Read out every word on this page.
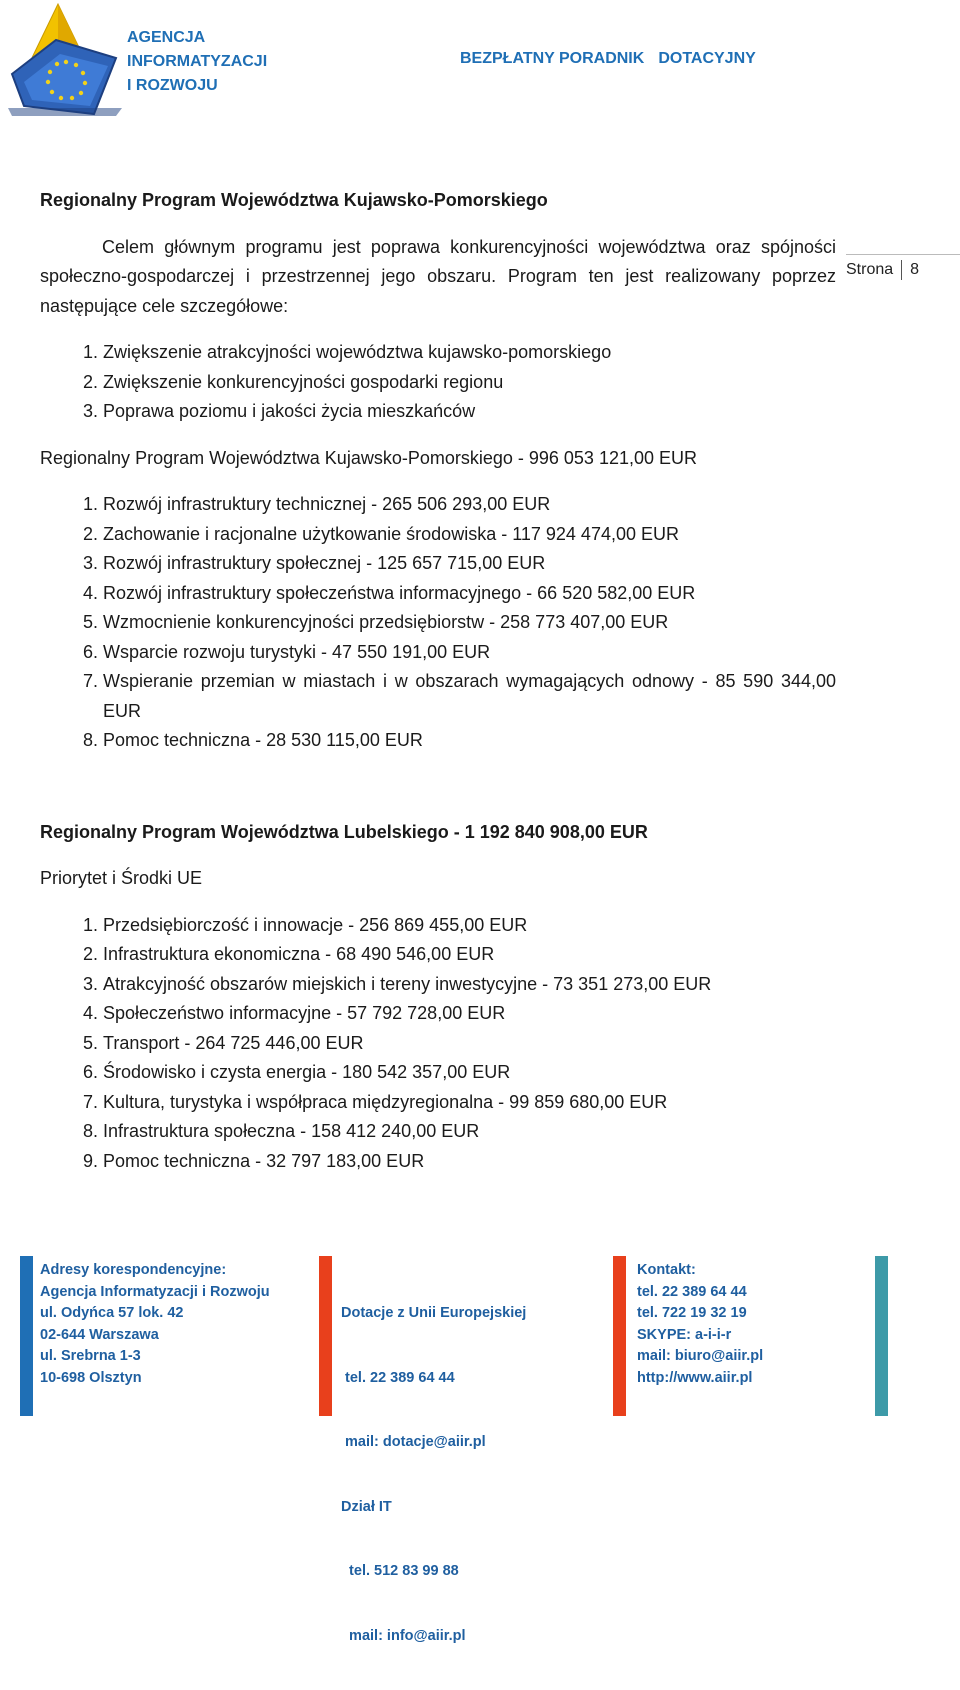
AGENCJA
INFORMATYZACJI
I ROZWOJU
BEZPŁATNY PORADNIK DOTACYJNY
Strona 8
Regionalny Program Województwa Kujawsko-Pomorskiego

Celem głównym programu jest poprawa konkurencyjności województwa oraz spójności społeczno-gospodarczej i przestrzennej jego obszaru. Program ten jest realizowany poprzez następujące cele szczegółowe:

1. Zwiększenie atrakcyjności województwa kujawsko-pomorskiego
2. Zwiększenie konkurencyjności gospodarki regionu
3. Poprawa poziomu i jakości życia mieszkańców
Regionalny Program Województwa Kujawsko-Pomorskiego - 996 053 121,00 EUR
1. Rozwój infrastruktury technicznej - 265 506 293,00 EUR
2. Zachowanie i racjonalne użytkowanie środowiska - 117 924 474,00 EUR
3. Rozwój infrastruktury społecznej - 125 657 715,00 EUR
4. Rozwój infrastruktury społeczeństwa informacyjnego - 66 520 582,00 EUR
5. Wzmocnienie konkurencyjności przedsiębiorstw - 258 773 407,00 EUR
6. Wsparcie rozwoju turystyki - 47 550 191,00 EUR
7. Wspieranie przemian w miastach i w obszarach wymagających odnowy - 85 590 344,00 EUR
8. Pomoc techniczna - 28 530 115,00 EUR
Regionalny Program Województwa Lubelskiego - 1 192 840 908,00 EUR
Priorytet i Środki UE
1. Przedsiębiorczość i innowacje - 256 869 455,00 EUR
2. Infrastruktura ekonomiczna - 68 490 546,00 EUR
3. Atrakcyjność obszarów miejskich i tereny inwestycyjne - 73 351 273,00 EUR
4. Społeczeństwo informacyjne - 57 792 728,00 EUR
5. Transport - 264 725 446,00 EUR
6. Środowisko i czysta energia - 180 542 357,00 EUR
7. Kultura, turystyka i współpraca międzyregionalna - 99 859 680,00 EUR
8. Infrastruktura społeczna - 158 412 240,00 EUR
9. Pomoc techniczna - 32 797 183,00 EUR
Adresy korespondencyjne:
Agencja Informatyzacji i Rozwoju
ul. Odyńca 57 lok. 42
02-644 Warszawa
ul. Srebrna 1-3
10-698 Olsztyn

Dotacje z Unii Europejskiej

tel. 22 389 64 44

mail: dotacje@aiir.pl

Dział IT

tel. 512 83 99 88

mail: info@aiir.pl

Kontakt:
tel. 22 389 64 44
tel. 722 19 32 19
SKYPE: a-i-i-r
mail: biuro@aiir.pl
http://www.aiir.pl
